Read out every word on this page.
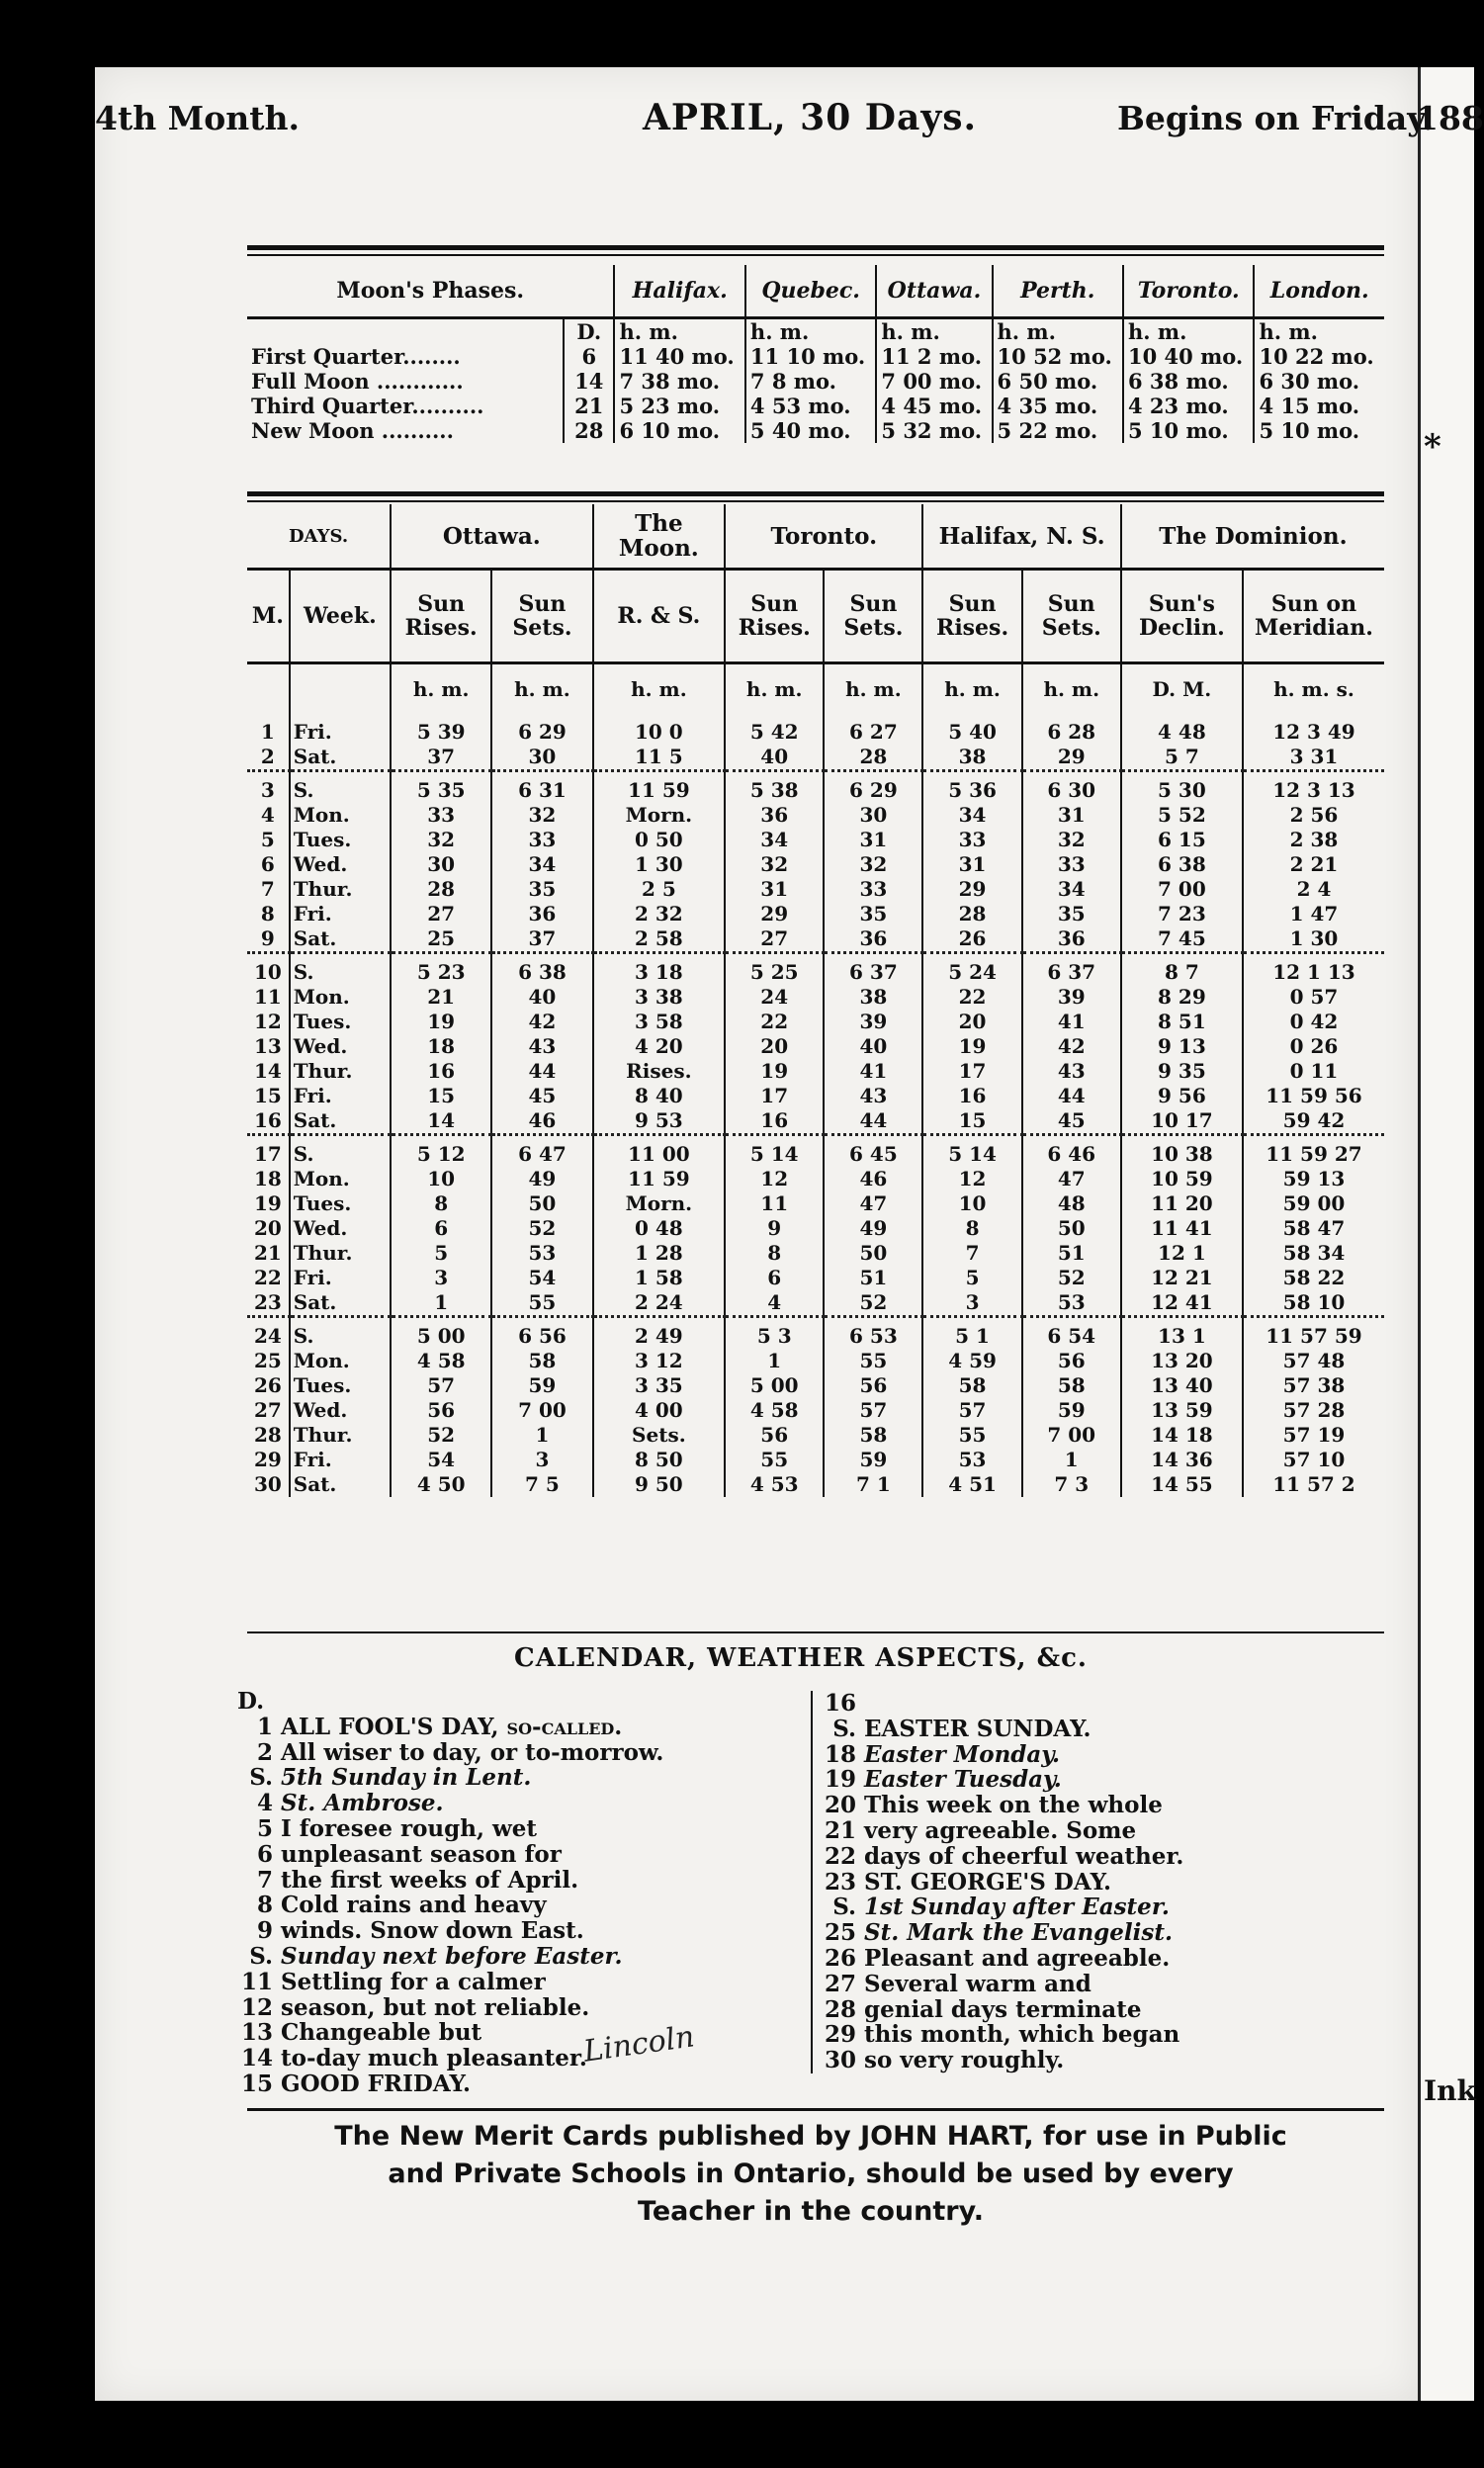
4th Month.	APRIL, 30 Days.	Begins on Friday.
188
Moon's Phases.		Halifax.	Quebec.	Ottawa.	Perth.	Toronto.	London.
	D.	h. m.	h. m.	h. m.	h. m.	h. m.	h. m.
First Quarter........	6	11 40 mo.	11 10 mo.	11 2 mo.	10 52 mo.	10 40 mo.	10 22 mo.
Full Moon ............	14	7 38 mo.	7 8 mo.	7 00 mo.	6 50 mo.	6 38 mo.	6 30 mo.
Third Quarter..........	21	5 23 mo.	4 53 mo.	4 45 mo.	4 35 mo.	4 23 mo.	4 15 mo.
New Moon ..........	28	6 10 mo.	5 40 mo.	5 32 mo.	5 22 mo.	5 10 mo.	5 10 mo.
DAYS.		Ottawa.		The Moon.	Toronto.		Halifax, N. S.		The Dominion.	
M.	Week.	Sun Rises.	Sun Sets.	R. & S.	Sun Rises.	Sun Sets.	Sun Rises.	Sun Sets.	Sun's Declin.	Sun on Meridian.
		h. m.	h. m.	h. m.	h. m.	h. m.	h. m.	h. m.	D. M.	h. m. s.
1	Fri.	5 39	6 29	10 0	5 42	6 27	5 40	6 28	4 48	12 3 49
2	Sat.	37	30	11 5	40	28	38	29	5 7	3 31
3	S.	5 35	6 31	11 59	5 38	6 29	5 36	6 30	5 30	12 3 13
4	Mon.	33	32	Morn.	36	30	34	31	5 52	2 56
5	Tues.	32	33	0 50	34	31	33	32	6 15	2 38
6	Wed.	30	34	1 30	32	32	31	33	6 38	2 21
7	Thur.	28	35	2 5	31	33	29	34	7 00	2 4
8	Fri.	27	36	2 32	29	35	28	35	7 23	1 47
9	Sat.	25	37	2 58	27	36	26	36	7 45	1 30
10	S.	5 23	6 38	3 18	5 25	6 37	5 24	6 37	8 7	12 1 13
11	Mon.	21	40	3 38	24	38	22	39	8 29	0 57
12	Tues.	19	42	3 58	22	39	20	41	8 51	0 42
13	Wed.	18	43	4 20	20	40	19	42	9 13	0 26
14	Thur.	16	44	Rises.	19	41	17	43	9 35	0 11
15	Fri.	15	45	8 40	17	43	16	44	9 56	11 59 56
16	Sat.	14	46	9 53	16	44	15	45	10 17	59 42
17	S.	5 12	6 47	11 00	5 14	6 45	5 14	6 46	10 38	11 59 27
18	Mon.	10	49	11 59	12	46	12	47	10 59	59 13
19	Tues.	8	50	Morn.	11	47	10	48	11 20	59 00
20	Wed.	6	52	0 48	9	49	8	50	11 41	58 47
21	Thur.	5	53	1 28	8	50	7	51	12 1	58 34
22	Fri.	3	54	1 58	6	51	5	52	12 21	58 22
23	Sat.	1	55	2 24	4	52	3	53	12 41	58 10
24	S.	5 00	6 56	2 49	5 3	6 53	5 1	6 54	13 1	11 57 59
25	Mon.	4 58	58	3 12	1	55	4 59	56	13 20	57 48
26	Tues.	57	59	3 35	5 00	56	58	58	13 40	57 38
27	Wed.	56	7 00	4 00	4 58	57	57	59	13 59	57 28
28	Thur.	52	1	Sets.	56	58	55	7 00	14 18	57 19
29	Fri.	54	3	8 50	55	59	53	1	14 36	57 10
30	Sat.	4 50	7 5	9 50	4 53	7 1	4 51	7 3	14 55	11 57 2
CALENDAR, WEATHER ASPECTS, &c.
D.
1 ALL FOOL'S DAY, so-called.
2 All wiser to day, or to-morrow.
S. 5th Sunday in Lent.
4 St. Ambrose.
5 I foresee rough, wet
6 unpleasant season for
7 the first weeks of April.
8 Cold rains and heavy
9 winds. Snow down East.
S. Sunday next before Easter.
11 Settling for a calmer
12 season, but not reliable.
13 Changeable but
14 to-day much pleasanter.
15 GOOD FRIDAY.
16
S. EASTER SUNDAY.
18 Easter Monday.
19 Easter Tuesday.
20 This week on the whole
21 very agreeable. Some
22 days of cheerful weather.
23 ST. GEORGE'S DAY.
S. 1st Sunday after Easter.
25 St. Mark the Evangelist.
26 Pleasant and agreeable.
27 Several warm and
28 genial days terminate
29 this month, which began
30 so very roughly.
Lincoln
The New Merit Cards published by JOHN HART, for use in Public
and Private Schools in Ontario, should be used by every
Teacher in the country.
*
Ink
